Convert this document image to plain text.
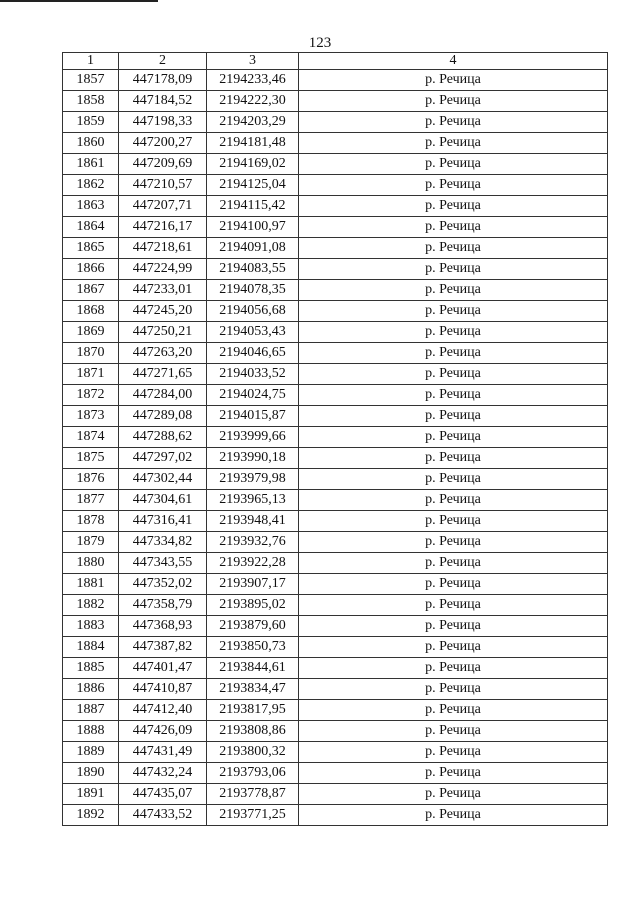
123
1	2	3	4
1857	447178,09	2194233,46	р. Речица
1858	447184,52	2194222,30	р. Речица
1859	447198,33	2194203,29	р. Речица
1860	447200,27	2194181,48	р. Речица
1861	447209,69	2194169,02	р. Речица
1862	447210,57	2194125,04	р. Речица
1863	447207,71	2194115,42	р. Речица
1864	447216,17	2194100,97	р. Речица
1865	447218,61	2194091,08	р. Речица
1866	447224,99	2194083,55	р. Речица
1867	447233,01	2194078,35	р. Речица
1868	447245,20	2194056,68	р. Речица
1869	447250,21	2194053,43	р. Речица
1870	447263,20	2194046,65	р. Речица
1871	447271,65	2194033,52	р. Речица
1872	447284,00	2194024,75	р. Речица
1873	447289,08	2194015,87	р. Речица
1874	447288,62	2193999,66	р. Речица
1875	447297,02	2193990,18	р. Речица
1876	447302,44	2193979,98	р. Речица
1877	447304,61	2193965,13	р. Речица
1878	447316,41	2193948,41	р. Речица
1879	447334,82	2193932,76	р. Речица
1880	447343,55	2193922,28	р. Речица
1881	447352,02	2193907,17	р. Речица
1882	447358,79	2193895,02	р. Речица
1883	447368,93	2193879,60	р. Речица
1884	447387,82	2193850,73	р. Речица
1885	447401,47	2193844,61	р. Речица
1886	447410,87	2193834,47	р. Речица
1887	447412,40	2193817,95	р. Речица
1888	447426,09	2193808,86	р. Речица
1889	447431,49	2193800,32	р. Речица
1890	447432,24	2193793,06	р. Речица
1891	447435,07	2193778,87	р. Речица
1892	447433,52	2193771,25	р. Речица
